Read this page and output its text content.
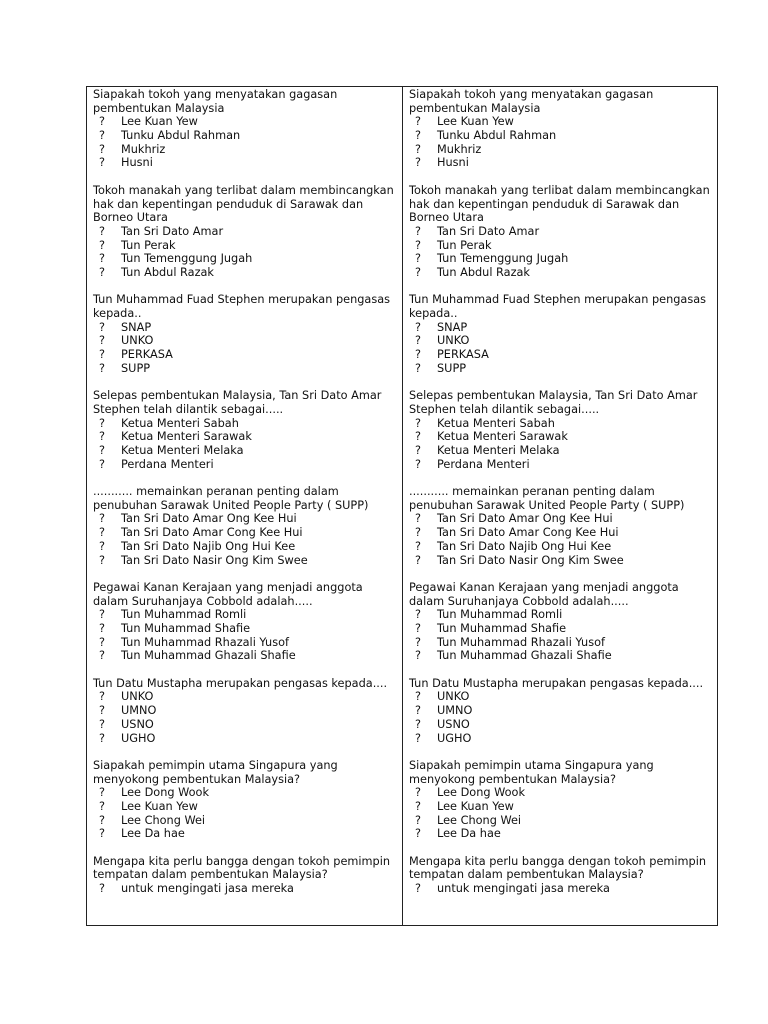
Siapakah tokoh yang menyatakan gagasan pembentukan Malaysia

?	Lee Kuan Yew
?	Tunku Abdul Rahman
?	Mukhriz
?	Husni

Tokoh manakah yang terlibat dalam membincangkan hak dan kepentingan penduduk di Sarawak dan Borneo Utara

?	Tan Sri Dato Amar
?	Tun Perak
?	Tun Temenggung Jugah
?	Tun Abdul Razak

Tun Muhammad Fuad Stephen merupakan pengasas kepada..

?	SNAP
?	UNKO
?	PERKASA
?	SUPP

Selepas pembentukan Malaysia, Tan Sri Dato Amar Stephen telah dilantik sebagai.....

?	Ketua Menteri Sabah
?	Ketua Menteri Sarawak
?	Ketua Menteri Melaka
?	Perdana Menteri

........... memainkan peranan penting dalam penubuhan Sarawak United People Party ( SUPP)

?	Tan Sri Dato Amar Ong Kee Hui
?	Tan Sri Dato Amar Cong Kee Hui
?	Tan Sri Dato Najib Ong Hui Kee
?	Tan Sri Dato Nasir Ong Kim Swee

Pegawai Kanan Kerajaan yang menjadi anggota dalam Suruhanjaya Cobbold adalah.....

?	Tun Muhammad Romli
?	Tun Muhammad Shafie
?	Tun Muhammad Rhazali Yusof
?	Tun Muhammad Ghazali Shafie

Tun Datu Mustapha merupakan pengasas kepada....

?	UNKO
?	UMNO
?	USNO
?	UGHO

Siapakah pemimpin utama Singapura yang menyokong pembentukan Malaysia?

?	Lee Dong Wook
?	Lee Kuan Yew
?	Lee Chong Wei
?	Lee Da hae

Mengapa kita perlu bangga dengan tokoh pemimpin tempatan dalam pembentukan Malaysia?

?	untuk mengingati jasa mereka

Siapakah tokoh yang menyatakan gagasan pembentukan Malaysia

?	Lee Kuan Yew
?	Tunku Abdul Rahman
?	Mukhriz
?	Husni

Tokoh manakah yang terlibat dalam membincangkan hak dan kepentingan penduduk di Sarawak dan Borneo Utara

?	Tan Sri Dato Amar
?	Tun Perak
?	Tun Temenggung Jugah
?	Tun Abdul Razak

Tun Muhammad Fuad Stephen merupakan pengasas kepada..

?	SNAP
?	UNKO
?	PERKASA
?	SUPP

Selepas pembentukan Malaysia, Tan Sri Dato Amar Stephen telah dilantik sebagai.....

?	Ketua Menteri Sabah
?	Ketua Menteri Sarawak
?	Ketua Menteri Melaka
?	Perdana Menteri

........... memainkan peranan penting dalam penubuhan Sarawak United People Party ( SUPP)

?	Tan Sri Dato Amar Ong Kee Hui
?	Tan Sri Dato Amar Cong Kee Hui
?	Tan Sri Dato Najib Ong Hui Kee
?	Tan Sri Dato Nasir Ong Kim Swee

Pegawai Kanan Kerajaan yang menjadi anggota dalam Suruhanjaya Cobbold adalah.....

?	Tun Muhammad Romli
?	Tun Muhammad Shafie
?	Tun Muhammad Rhazali Yusof
?	Tun Muhammad Ghazali Shafie

Tun Datu Mustapha merupakan pengasas kepada....

?	UNKO
?	UMNO
?	USNO
?	UGHO

Siapakah pemimpin utama Singapura yang menyokong pembentukan Malaysia?

?	Lee Dong Wook
?	Lee Kuan Yew
?	Lee Chong Wei
?	Lee Da hae

Mengapa kita perlu bangga dengan tokoh pemimpin tempatan dalam pembentukan Malaysia?

?	untuk mengingati jasa mereka
